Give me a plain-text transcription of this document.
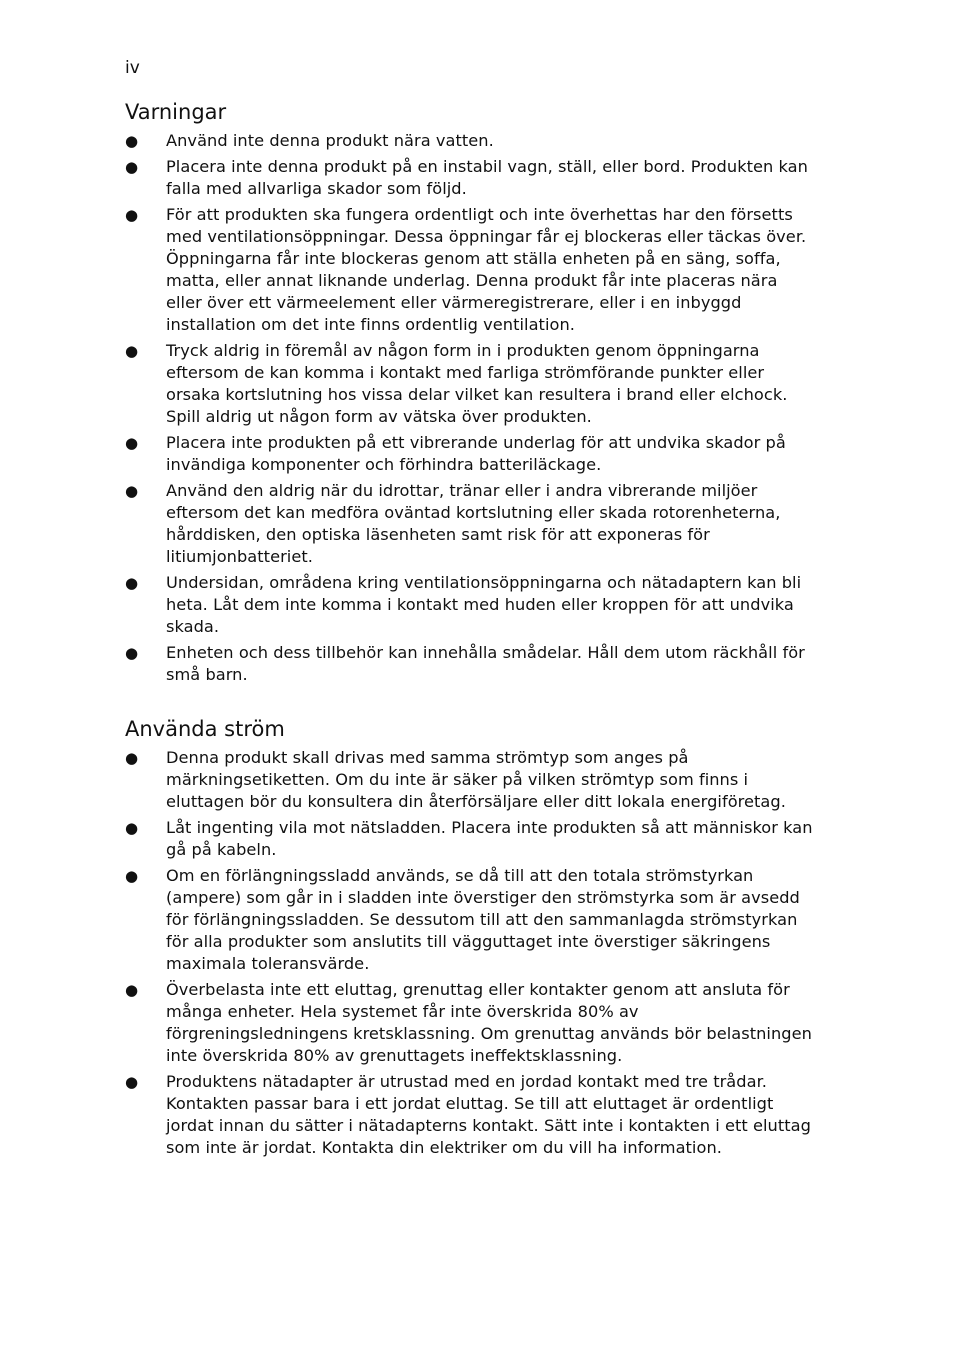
iv
Varningar
● Använd inte denna produkt nära vatten.
● Placera inte denna produkt på en instabil vagn, ställ, eller bord. Produkten kan falla med allvarliga skador som följd.
● För att produkten ska fungera ordentligt och inte överhettas har den försetts med ventilationsöppningar. Dessa öppningar får ej blockeras eller täckas över. Öppningarna får inte blockeras genom att ställa enheten på en säng, soffa, matta, eller annat liknande underlag. Denna produkt får inte placeras nära eller över ett värmeelement eller värmeregistrerare, eller i en inbyggd installation om det inte finns ordentlig ventilation.
● Tryck aldrig in föremål av någon form in i produkten genom öppningarna eftersom de kan komma i kontakt med farliga strömförande punkter eller orsaka kortslutning hos vissa delar vilket kan resultera i brand eller elchock. Spill aldrig ut någon form av vätska över produkten.
● Placera inte produkten på ett vibrerande underlag för att undvika skador på invändiga komponenter och förhindra batteriläckage.
● Använd den aldrig när du idrottar, tränar eller i andra vibrerande miljöer eftersom det kan medföra oväntad kortslutning eller skada rotorenheterna, hårddisken, den optiska läsenheten samt risk för att exponeras för litiumjonbatteriet.
● Undersidan, områdena kring ventilationsöppningarna och nätadaptern kan bli heta. Låt dem inte komma i kontakt med huden eller kroppen för att undvika skada.
● Enheten och dess tillbehör kan innehålla smådelar. Håll dem utom räckhåll för små barn.
Använda ström
● Denna produkt skall drivas med samma strömtyp som anges på märkningsetiketten. Om du inte är säker på vilken strömtyp som finns i eluttagen bör du konsultera din återförsäljare eller ditt lokala energiföretag.
● Låt ingenting vila mot nätsladden. Placera inte produkten så att människor kan gå på kabeln.
● Om en förlängningssladd används, se då till att den totala strömstyrkan (ampere) som går in i sladden inte överstiger den strömstyrka som är avsedd för förlängningssladden. Se dessutom till att den sammanlagda strömstyrkan för alla produkter som anslutits till vägguttaget inte överstiger säkringens maximala toleransvärde.
● Överbelasta inte ett eluttag, grenuttag eller kontakter genom att ansluta för många enheter. Hela systemet får inte överskrida 80% av förgreningsledningens kretsklassning. Om grenuttag används bör belastningen inte överskrida 80% av grenuttagets ineffektsklassning.
● Produktens nätadapter är utrustad med en jordad kontakt med tre trådar. Kontakten passar bara i ett jordat eluttag. Se till att eluttaget är ordentligt jordat innan du sätter i nätadapterns kontakt. Sätt inte i kontakten i ett eluttag som inte är jordat. Kontakta din elektriker om du vill ha information.
